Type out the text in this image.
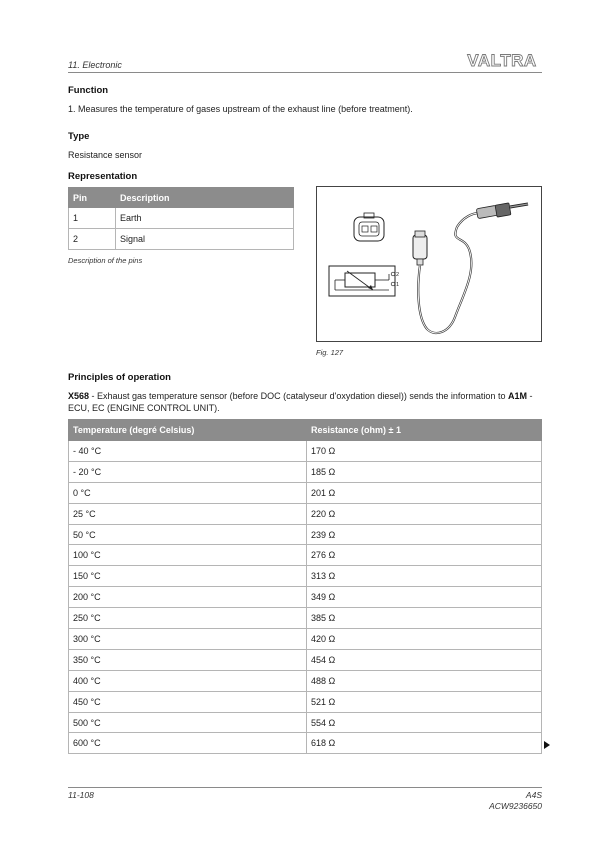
11. Electronic	VALTRA
Function
1. Measures the temperature of gases upstream of the exhaust line (before treatment).
Type
Resistance sensor
Representation
Pin	Description
1	Earth
2	Signal
Description of the pins
2
1
Fig. 127
Principles of operation
X568 - Exhaust gas temperature sensor (before DOC (catalyseur d'oxydation diesel)) sends the information to A1M - ECU, EC (ENGINE CONTROL UNIT).
Temperature (degré Celsius)	Resistance (ohm) ± 1
- 40 °C	170 Ω
- 20 °C	185 Ω
0 °C	201 Ω
25 °C	220 Ω
50 °C	239 Ω
100 °C	276 Ω
150 °C	313 Ω
200 °C	349 Ω
250 °C	385 Ω
300 °C	420 Ω
350 °C	454 Ω
400 °C	488 Ω
450 °C	521 Ω
500 °C	554 Ω
600 °C	618 Ω
11-108	A4S
ACW9236650
